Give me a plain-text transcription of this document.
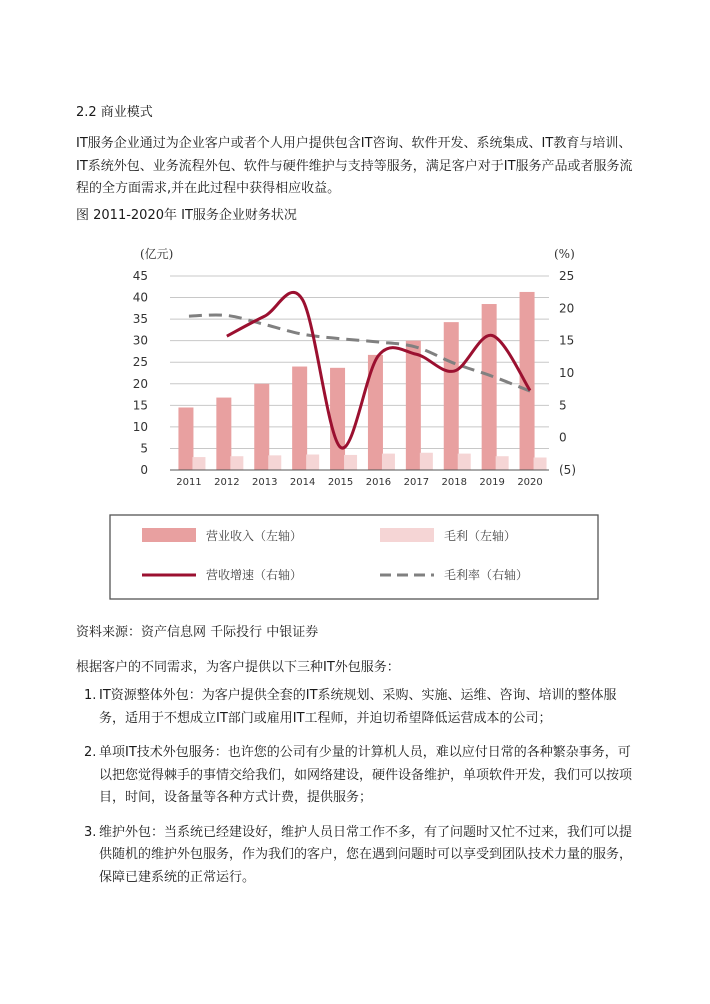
2.2 商业模式
IT服务企业通过为企业客户或者个人用户提供包含IT咨询、软件开发、系统集成、IT教育与培训、IT系统外包、业务流程外包、软件与硬件维护与支持等服务，满足客户对于IT服务产品或者服务流程的全方面需求,并在此过程中获得相应收益。
图 2011-2020年 IT服务企业财务状况
0
5
10
15
20
25
30
35
40
45
(5)
0
5
10
15
20
25
(亿元)	(%)
2011 2012 2013 2014 2015 2016 2017 2018 2019 2020
营业收入（左轴）	毛利（左轴）
营收增速（右轴）	毛利率（右轴）
资料来源：资产信息网 千际投行 中银证券
根据客户的不同需求，为客户提供以下三种IT外包服务：
1. IT资源整体外包：为客户提供全套的IT系统规划、采购、实施、运维、咨询、培训的整体服务，适用于不想成立IT部门或雇用IT工程师，并迫切希望降低运营成本的公司；
2. 单项IT技术外包服务：也许您的公司有少量的计算机人员，难以应付日常的各种繁杂事务，可以把您觉得棘手的事情交给我们，如网络建设，硬件设备维护，单项软件开发，我们可以按项目，时间，设备量等各种方式计费，提供服务；
3. 维护外包：当系统已经建设好，维护人员日常工作不多，有了问题时又忙不过来，我们可以提供随机的维护外包服务，作为我们的客户，您在遇到问题时可以享受到团队技术力量的服务，保障已建系统的正常运行。
